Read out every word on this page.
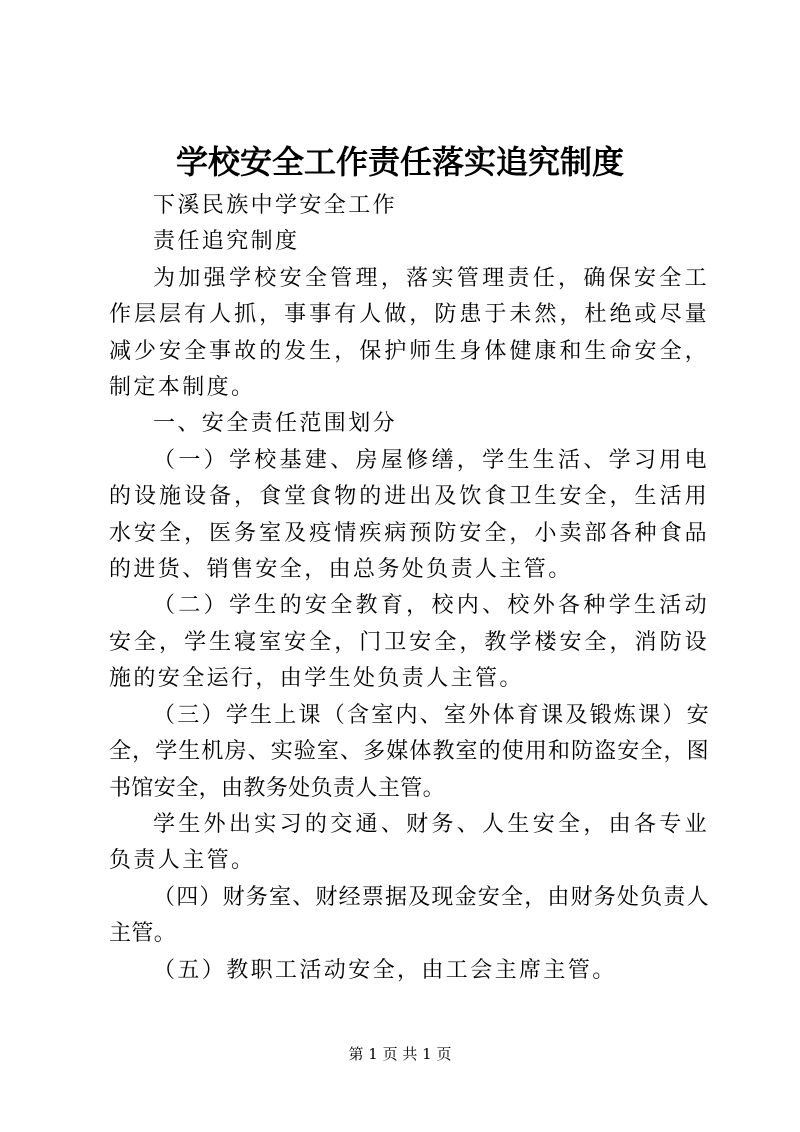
学校安全工作责任落实追究制度

下溪民族中学安全工作

责任追究制度

为加强学校安全管理，落实管理责任，确保安全工作层层有人抓，事事有人做，防患于未然，杜绝或尽量减少安全事故的发生，保护师生身体健康和生命安全，制定本制度。

一、安全责任范围划分

（一）学校基建、房屋修缮，学生生活、学习用电的设施设备，食堂食物的进出及饮食卫生安全，生活用水安全，医务室及疫情疾病预防安全，小卖部各种食品的进货、销售安全，由总务处负责人主管。

（二）学生的安全教育，校内、校外各种学生活动安全，学生寝室安全，门卫安全，教学楼安全，消防设施的安全运行，由学生处负责人主管。

（三）学生上课（含室内、室外体育课及锻炼课）安全，学生机房、实验室、多媒体教室的使用和防盗安全，图书馆安全，由教务处负责人主管。

学生外出实习的交通、财务、人生安全，由各专业负责人主管。

（四）财务室、财经票据及现金安全，由财务处负责人主管。

（五）教职工活动安全，由工会主席主管。

第 1 页 共 1 页
